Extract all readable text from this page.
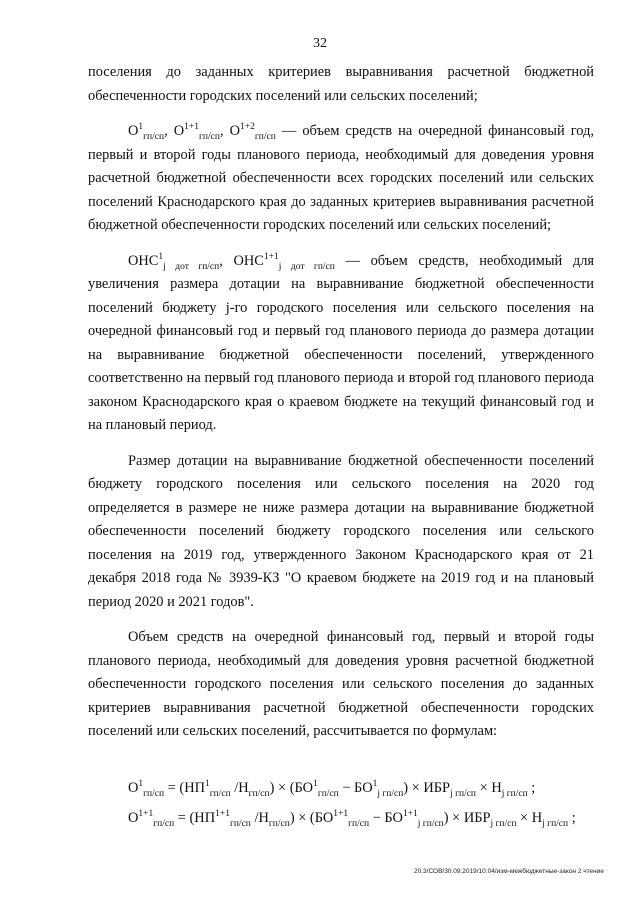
32

поселения до заданных критериев выравнивания расчетной бюджетной обеспеченности городских поселений или сельских поселений;

$О^1_{гп/сп}$, $О^{1+1}_{гп/сп}$, $О^{1+2}_{гп/сп}$ — объем средств на очередной финансовый год, первый и второй годы планового периода, необходимый для доведения уровня расчетной бюджетной обеспеченности всех городских поселений или сельских поселений Краснодарского края до заданных критериев выравнивания расчетной бюджетной обеспеченности городских поселений или сельских поселений;

$ОНС^1_{j дот гп/сп}$, $ОНС^{1+1}_{j дот гп/сп}$ — объем средств, необходимый для увеличения размера дотации на выравнивание бюджетной обеспеченности поселений бюджету j-го городского поселения или сельского поселения на очередной финансовый год и первый год планового периода до размера дотации на выравнивание бюджетной обеспеченности поселений, утвержденного соответственно на первый год планового периода и второй год планового периода законом Краснодарского края о краевом бюджете на текущий финансовый год и на плановый период.

Размер дотации на выравнивание бюджетной обеспеченности поселений бюджету городского поселения или сельского поселения на 2020 год определяется в размере не ниже размера дотации на выравнивание бюджетной обеспеченности поселений бюджету городского поселения или сельского поселения на 2019 год, утвержденного Законом Краснодарского края от 21 декабря 2018 года № 3939-КЗ "О краевом бюджете на 2019 год и на плановый период 2020 и 2021 годов".

Объем средств на очередной финансовый год, первый и второй годы планового периода, необходимый для доведения уровня расчетной бюджетной обеспеченности городского поселения или сельского поселения до заданных критериев выравнивания расчетной бюджетной обеспеченности городских поселений или сельских поселений, рассчитывается по формулам:

$О^1_{гп/сп} = (НП^1_{гп/сп}$ $/Н_{гп/сп}) \times (БО^1_{гп/сп} - БО^1_{j гп/сп}) \times ИБР_{j гп/сп} \times Н_{j гп/сп}$ ;
$О^{1+1}_{гп/сп} = (НП^{1+1}_{гп/сп}$ $/Н_{гп/сп}) \times (БО^{1+1}_{гп/сп} - БО^{1+1}_{j гп/сп}) \times ИБР_{j гп/сп} \times Н_{j гп/сп}$ ;
20.3/СОВ/30.09.2019/10:04/изм-межбюджетные-закон 2 чтение
